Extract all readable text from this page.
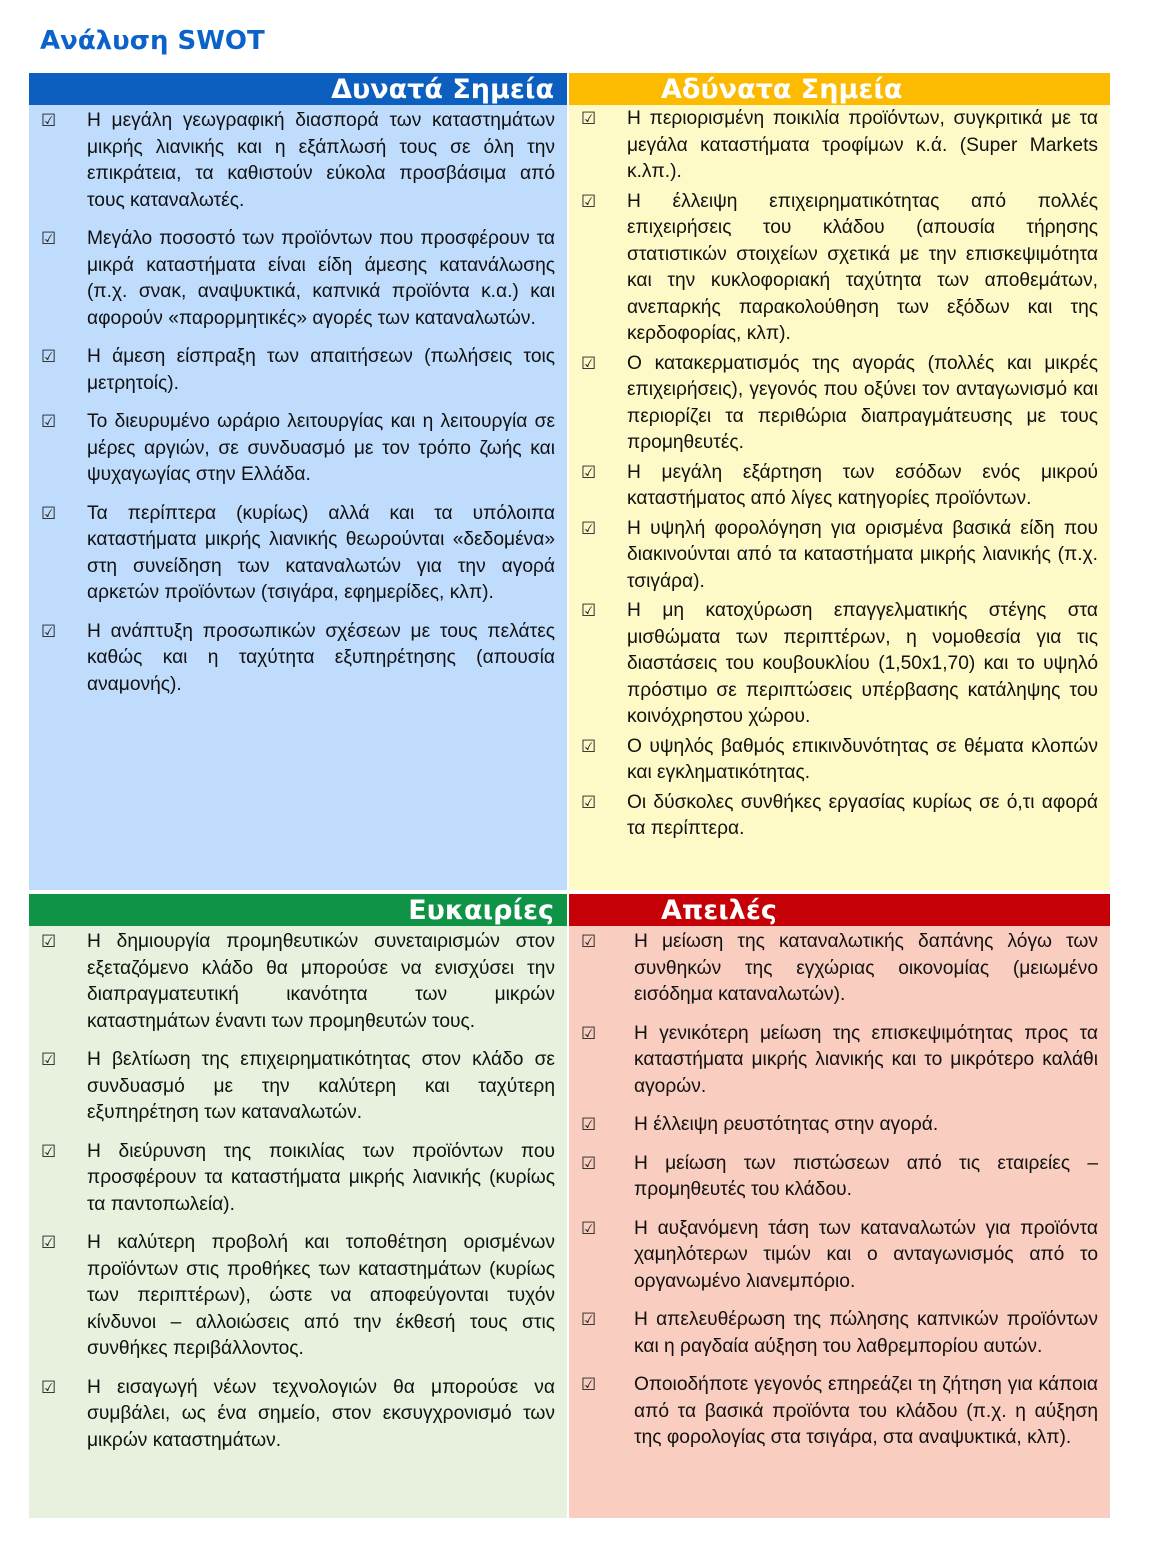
Ανάλυση SWOT
Δυνατά Σημεία
☑	Η μεγάλη γεωγραφική διασπορά των καταστημάτων μικρής λιανικής και η εξάπλωσή τους σε όλη την επικράτεια, τα καθιστούν εύκολα προσβάσιμα από τους καταναλωτές.
☑	Μεγάλο ποσοστό των προϊόντων που προσφέρουν τα μικρά καταστήματα είναι είδη άμεσης κατανάλωσης (π.χ. σνακ, αναψυκτικά, καπνικά προϊόντα κ.α.) και αφορούν «παρορμητικές» αγορές των καταναλωτών.
☑	Η άμεση είσπραξη των απαιτήσεων (πωλήσεις τοις μετρητοίς).
☑	Το διευρυμένο ωράριο λειτουργίας και η λειτουργία σε μέρες αργιών, σε συνδυασμό με τον τρόπο ζωής και ψυχαγωγίας στην Ελλάδα.
☑	Τα περίπτερα (κυρίως) αλλά και τα υπόλοιπα καταστήματα μικρής λιανικής θεωρούνται «δεδομένα» στη συνείδηση των καταναλωτών για την αγορά αρκετών προϊόντων (τσιγάρα, εφημερίδες, κλπ).
☑	Η ανάπτυξη προσωπικών σχέσεων με τους πελάτες καθώς και η ταχύτητα εξυπηρέτησης (απουσία αναμονής).
Αδύνατα Σημεία
☑	Η περιορισμένη ποικιλία προϊόντων, συγκριτικά με τα μεγάλα καταστήματα τροφίμων κ.ά. (Super Markets κ.λπ.).
☑	Η έλλειψη επιχειρηματικότητας από πολλές επιχειρήσεις του κλάδου (απουσία τήρησης στατιστικών στοιχείων σχετικά με την επισκεψιμότητα και την κυκλοφοριακή ταχύτητα των αποθεμάτων, ανεπαρκής παρακολούθηση των εξόδων και της κερδοφορίας, κλπ).
☑	Ο κατακερματισμός της αγοράς (πολλές και μικρές επιχειρήσεις), γεγονός που οξύνει τον ανταγωνισμό και περιορίζει τα περιθώρια διαπραγμάτευσης με τους προμηθευτές.
☑	Η μεγάλη εξάρτηση των εσόδων ενός μικρού καταστήματος από λίγες κατηγορίες προϊόντων.
☑	Η υψηλή φορολόγηση για ορισμένα βασικά είδη που διακινούνται από τα καταστήματα μικρής λιανικής (π.χ. τσιγάρα).
☑	Η μη κατοχύρωση επαγγελματικής στέγης στα μισθώματα των περιπτέρων, η νομοθεσία για τις διαστάσεις του κουβουκλίου (1,50x1,70) και το υψηλό πρόστιμο σε περιπτώσεις υπέρβασης κατάληψης του κοινόχρηστου χώρου.
☑	Ο υψηλός βαθμός επικινδυνότητας σε θέματα κλοπών και εγκληματικότητας.
☑	Οι δύσκολες συνθήκες εργασίας κυρίως σε ό,τι αφορά τα περίπτερα.
Ευκαιρίες
☑	Η δημιουργία προμηθευτικών συνεταιρισμών στον εξεταζόμενο κλάδο θα μπορούσε να ενισχύσει την διαπραγματευτική ικανότητα των μικρών καταστημάτων έναντι των προμηθευτών τους.
☑	Η βελτίωση της επιχειρηματικότητας στον κλάδο σε συνδυασμό με την καλύτερη και ταχύτερη εξυπηρέτηση των καταναλωτών.
☑	Η διεύρυνση της ποικιλίας των προϊόντων που προσφέρουν τα καταστήματα μικρής λιανικής (κυρίως τα παντοπωλεία).
☑	Η καλύτερη προβολή και τοποθέτηση ορισμένων προϊόντων στις προθήκες των καταστημάτων (κυρίως των περιπτέρων), ώστε να αποφεύγονται τυχόν κίνδυνοι – αλλοιώσεις από την έκθεσή τους στις συνθήκες περιβάλλοντος.
☑	Η εισαγωγή νέων τεχνολογιών θα μπορούσε να συμβάλει, ως ένα σημείο, στον εκσυγχρονισμό των μικρών καταστημάτων.
Απειλές
☑	Η μείωση της καταναλωτικής δαπάνης λόγω των συνθηκών της εγχώριας οικονομίας (μειωμένο εισόδημα καταναλωτών).
☑	Η γενικότερη μείωση της επισκεψιμότητας προς τα καταστήματα μικρής λιανικής και το μικρότερο καλάθι αγορών.
☑	Η έλλειψη ρευστότητας στην αγορά.
☑	Η μείωση των πιστώσεων από τις εταιρείες – προμηθευτές του κλάδου.
☑	Η αυξανόμενη τάση των καταναλωτών για προϊόντα χαμηλότερων τιμών και ο ανταγωνισμός από το οργανωμένο λιανεμπόριο.
☑	Η απελευθέρωση της πώλησης καπνικών προϊόντων και η ραγδαία αύξηση του λαθρεμπορίου αυτών.
☑	Οποιοδήποτε γεγονός επηρεάζει τη ζήτηση για κάποια από τα βασικά προϊόντα του κλάδου (π.χ. η αύξηση της φορολογίας στα τσιγάρα, στα αναψυκτικά, κλπ).
